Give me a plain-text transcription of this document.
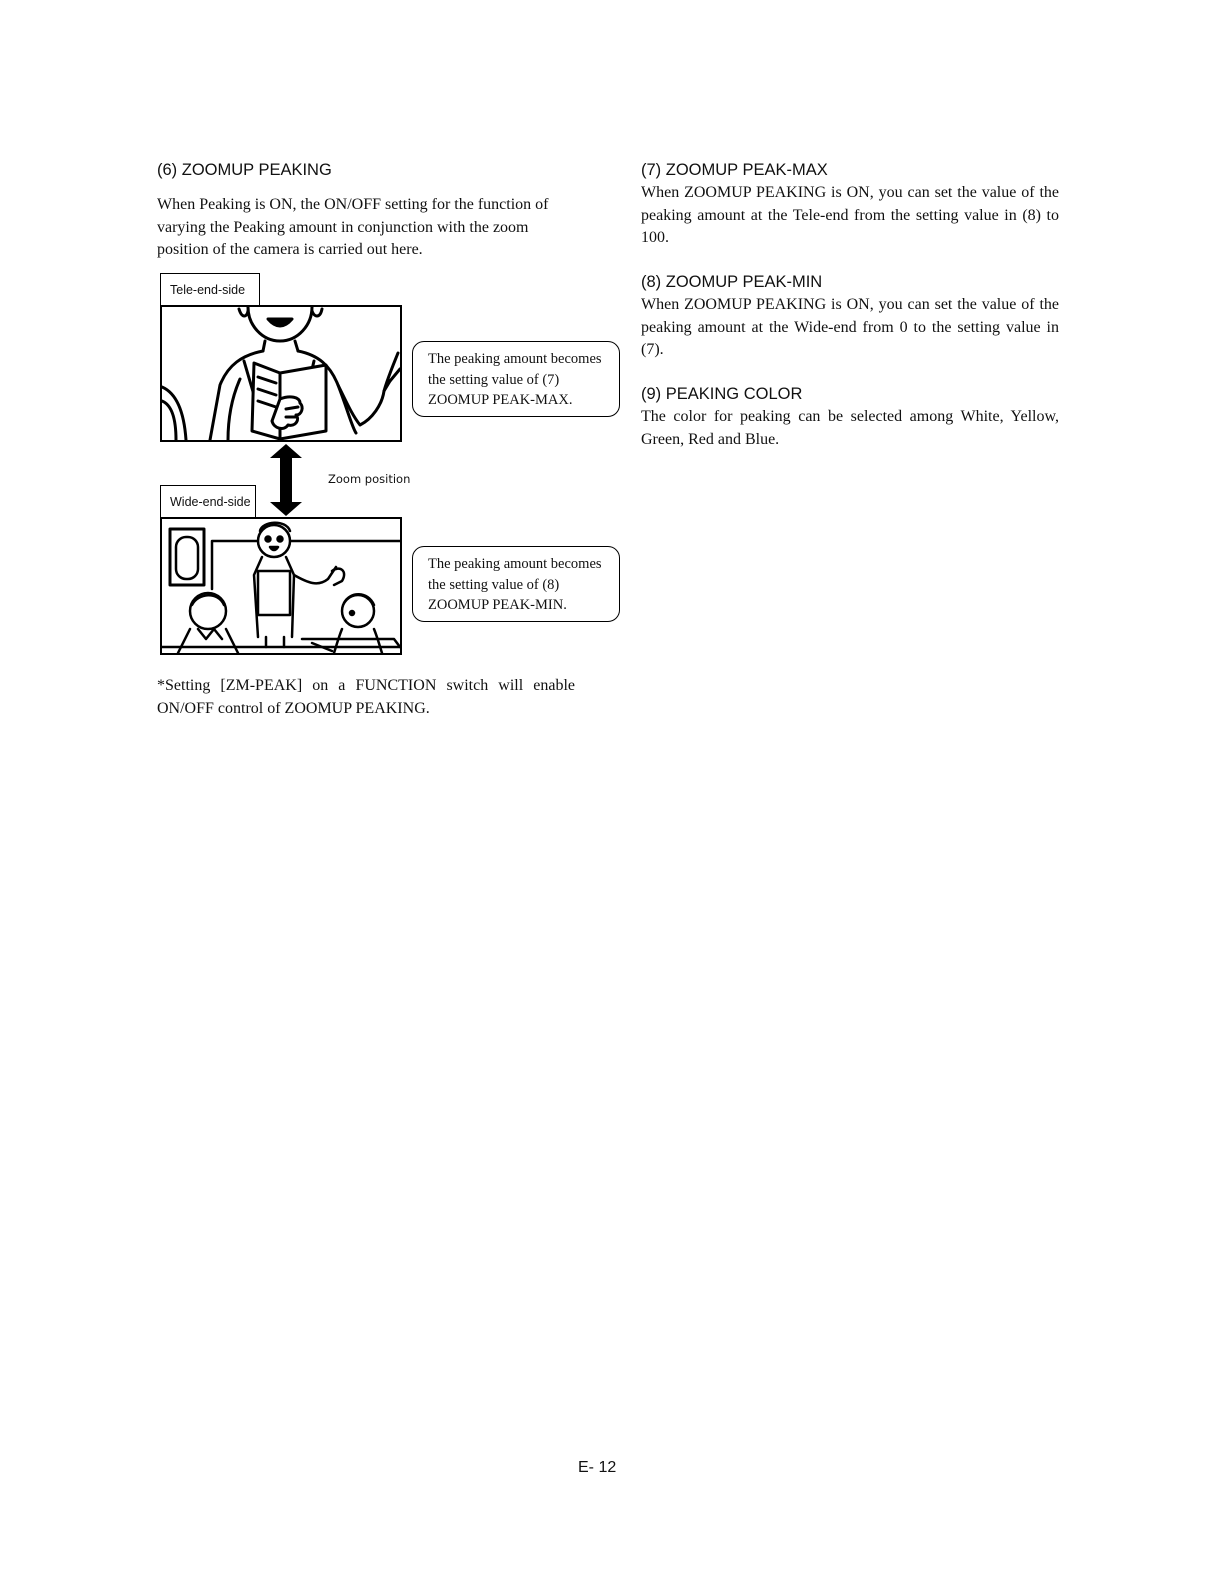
(6) ZOOMUP PEAKING

When Peaking is ON, the ON/OFF setting for the function of varying the Peaking amount in conjunction with the zoom position of the camera is carried out here.

Tele-end-side
The peaking amount becomes
the setting value of (7)
ZOOMUP PEAK-MAX.
Zoom position
Wide-end-side
The peaking amount becomes
the setting value of (8)
ZOOMUP PEAK-MIN.

*Setting [ZM-PEAK] on a FUNCTION switch will enable ON/OFF control of ZOOMUP PEAKING.

(7) ZOOMUP PEAK-MAX

When ZOOMUP PEAKING is ON, you can set the value of the peaking amount at the Tele-end from the setting value in (8) to 100.

(8) ZOOMUP PEAK-MIN

When ZOOMUP PEAKING is ON, you can set the value of the peaking amount at the Wide-end from 0 to the setting value in (7).

(9) PEAKING COLOR

The color for peaking can be selected among White, Yellow, Green, Red and Blue.

E- 12
